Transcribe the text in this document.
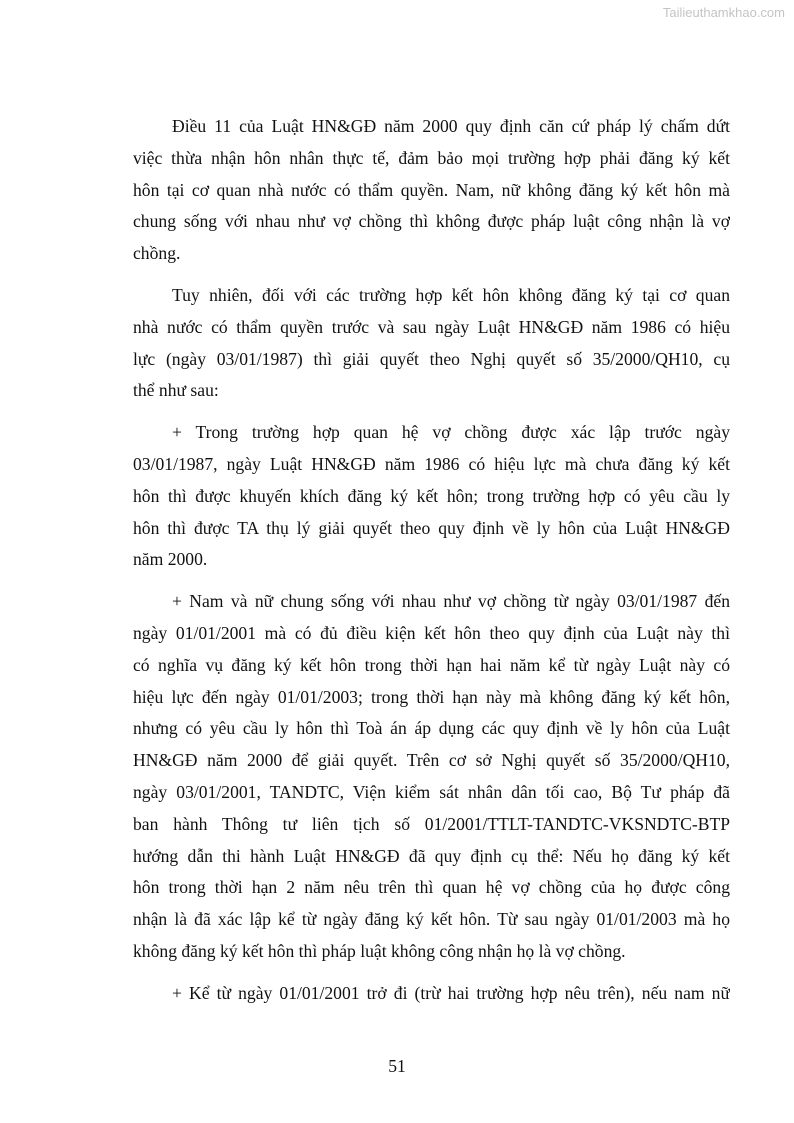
Tailieuthamkhao.com
Điều 11 của Luật HN&GĐ năm 2000 quy định căn cứ pháp lý chấm dứt
việc thừa nhận hôn nhân thực tế, đảm bảo mọi trường hợp phải đăng ký kết
hôn tại cơ quan nhà nước có thẩm quyền. Nam, nữ không đăng ký kết hôn mà
chung sống với nhau như vợ chồng thì không được pháp luật công nhận là vợ
chồng.
Tuy nhiên, đối với các trường hợp kết hôn không đăng ký tại cơ quan
nhà nước có thẩm quyền trước và sau ngày Luật HN&GĐ năm 1986 có hiệu
lực (ngày 03/01/1987) thì giải quyết theo Nghị quyết số 35/2000/QH10, cụ
thể như sau:
+ Trong trường hợp quan hệ vợ chồng được xác lập trước ngày
03/01/1987, ngày Luật HN&GĐ năm 1986 có hiệu lực mà chưa đăng ký kết
hôn thì được khuyến khích đăng ký kết hôn; trong trường hợp có yêu cầu ly
hôn thì được TA thụ lý giải quyết theo quy định về ly hôn của Luật HN&GĐ
năm 2000.
+ Nam và nữ chung sống với nhau như vợ chồng từ ngày 03/01/1987 đến
ngày 01/01/2001 mà có đủ điều kiện kết hôn theo quy định của Luật này thì
có nghĩa vụ đăng ký kết hôn trong thời hạn hai năm kể từ ngày Luật này có
hiệu lực đến ngày 01/01/2003; trong thời hạn này mà không đăng ký kết hôn,
nhưng có yêu cầu ly hôn thì Toà án áp dụng các quy định về ly hôn của Luật
HN&GĐ năm 2000 để giải quyết. Trên cơ sở Nghị quyết số 35/2000/QH10,
ngày 03/01/2001, TANDTC, Viện kiểm sát nhân dân tối cao, Bộ Tư pháp đã
ban hành Thông tư liên tịch số 01/2001/TTLT-TANDTC-VKSNDTC-BTP
hướng dẫn thi hành Luật HN&GĐ đã quy định cụ thể: Nếu họ đăng ký kết
hôn trong thời hạn 2 năm nêu trên thì quan hệ vợ chồng của họ được công
nhận là đã xác lập kể từ ngày đăng ký kết hôn. Từ sau ngày 01/01/2003 mà họ
không đăng ký kết hôn thì pháp luật không công nhận họ là vợ chồng.
+ Kể từ ngày 01/01/2001 trở đi (trừ hai trường hợp nêu trên), nếu nam nữ
51
